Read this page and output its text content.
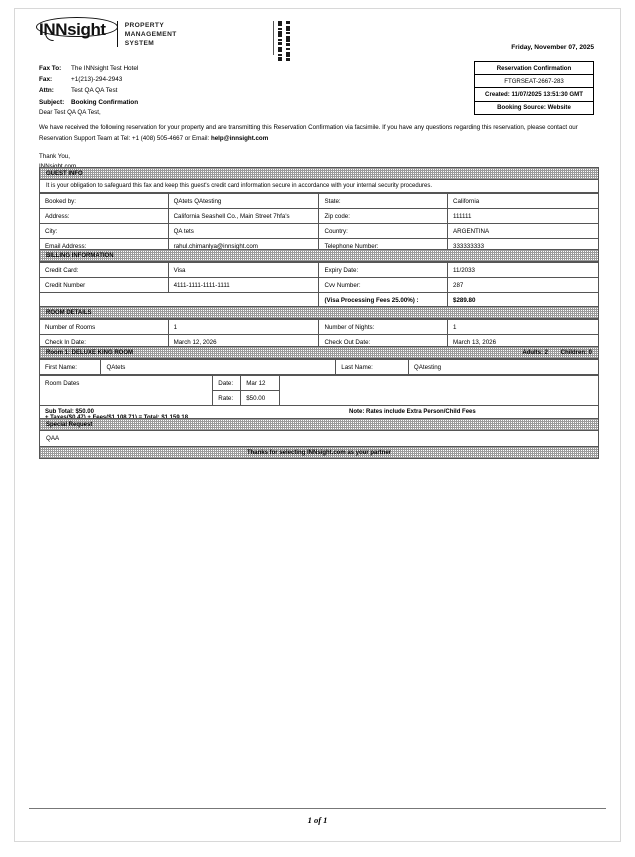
INNsight	PROPERTY
MANAGEMENT
SYSTEM
Fax To:	The INNsight Test Hotel
Fax:	+1(213)-294-2943
Attn:	Test QA QA Test
Subject:	Booking Confirmation
Friday, November 07, 2025
Reservation Confirmation
FTGRSEAT-2667-283
Created: 11/07/2025 13:51:30 GMT
Booking Source: Website
Dear Test QA QA Test,
We have received the following reservation for your property and are transmitting this Reservation Confirmation via facsimile. If you have any questions regarding this reservation, please contact our Reservation Support Team at Tel: +1 (408) 505-4667 or Email: help@innsight.com
Thank You,
GUEST INFO
It is your obligation to safeguard this fax and keep this guest's credit card information secure in accordance with your internal security procedures.
Booked by:	QAtets QAtesting	State:	California
Address:	California Seashell Co., Main Street 7hfa's	Zip code:	111111
City:	QA tets	Country:	ARGENTINA
Email Address:	rahul.chimanlya@innsight.com	Telephone Number:	333333333
BILLING INFORMATION
Credit Card:	Visa	Expiry Date:	11/2033
Credit Number	4111-1111-1111-1111	Cvv Number:	287
		(Visa Processing Fees 25.00%) :	$289.80

ROOM DETAILS
Number of Rooms	1	Number of Nights:	1
Check In Date:	March 12, 2026	Check Out Date:	March 13, 2026
Room 1: DELUXE KING ROOM	Adults: 2 Children: 0
First Name:	QAtets	Last Name:	QAtesting
Room Dates	Date:	Mar 12	
	Rate:	$50.00	
Sub Total: $50.00	Note: Rates include Extra Person/Child Fees
Special Request
QAA
Thanks for selecting INNsight.com as your partner
1 of 1
